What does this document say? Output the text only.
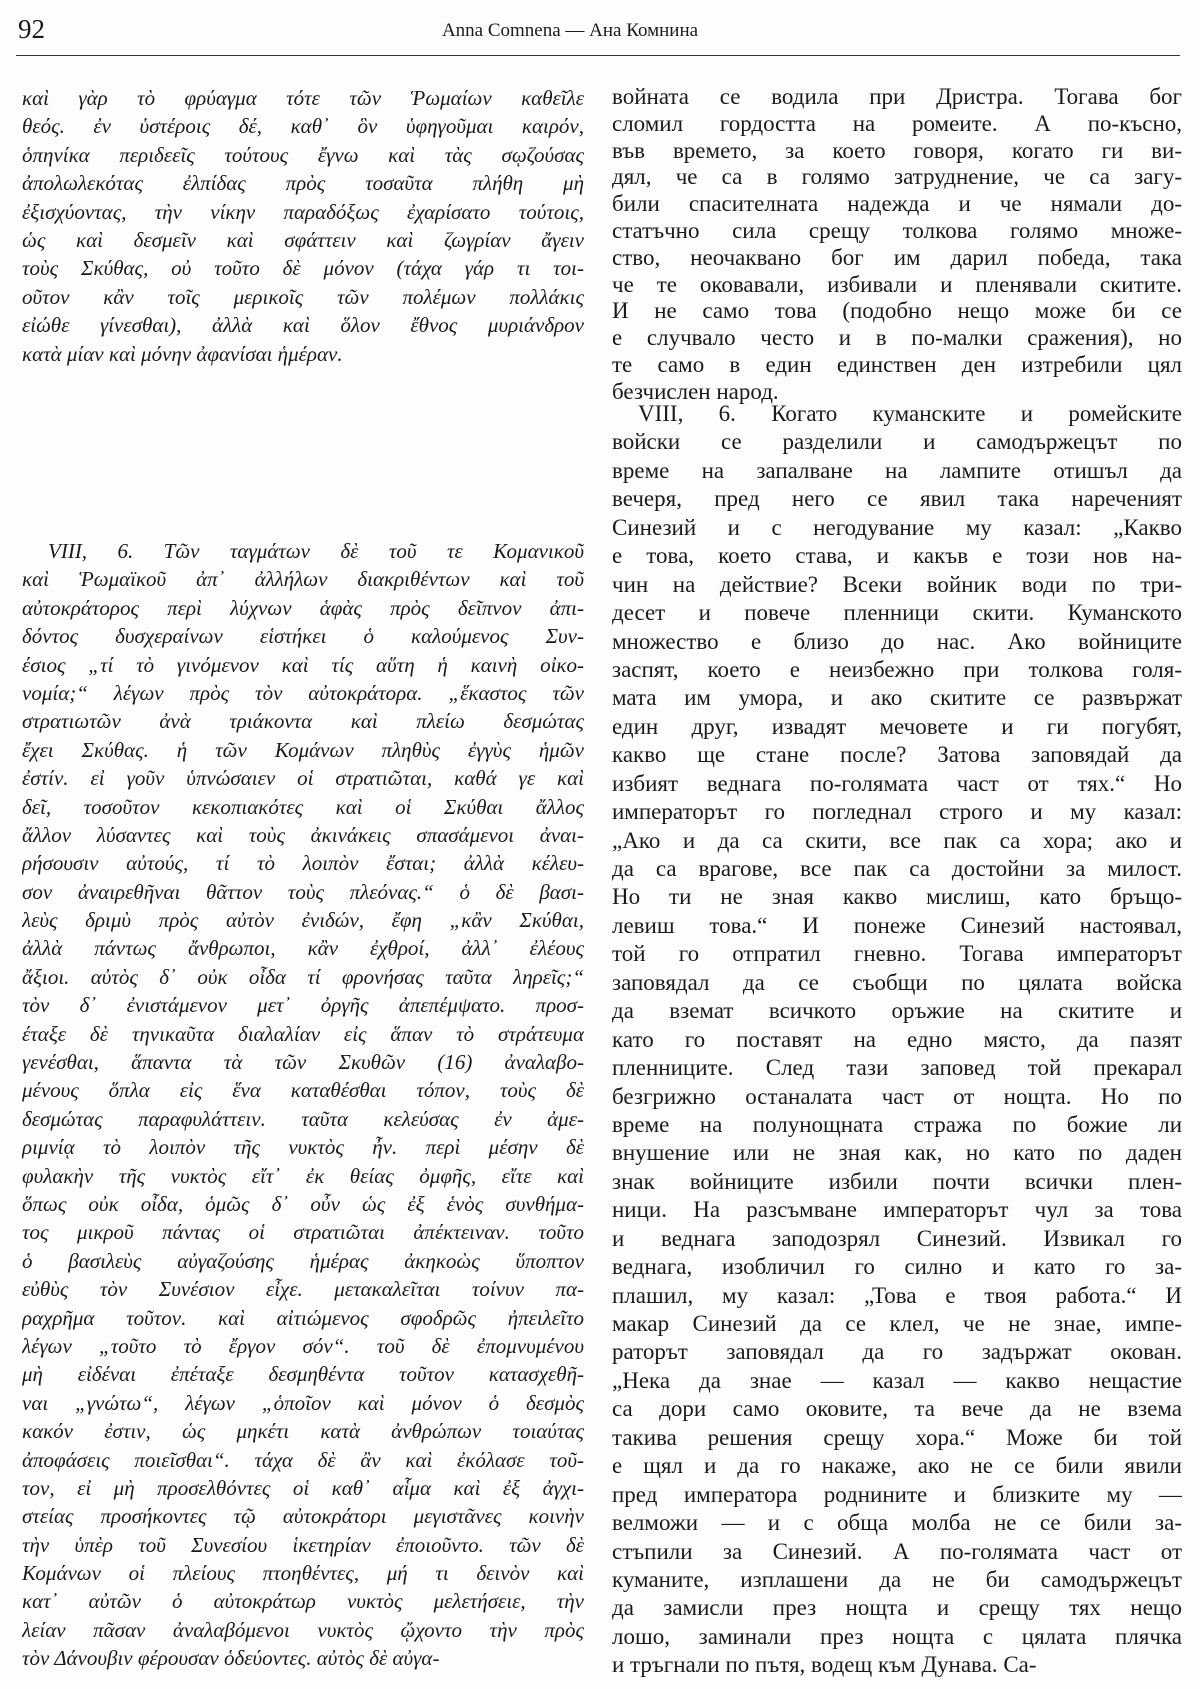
92	Anna Comnena — Ана Комнина
καὶ γὰρ τὸ φρύαγμα τότε τῶν Ῥωμαίων καθεῖλε
θεός. ἐν ὑστέροις δέ, καθ᾿ ὃν ὑφηγοῦμαι καιρόν,
ὁπηνίκα περιδεεῖς τούτους ἔγνω καὶ τὰς σῳζούσας
ἀπολωλεκότας ἐλπίδας πρὸς τοσαῦτα πλήθη μὴ
ἐξισχύοντας, τὴν νίκην παραδόξως ἐχαρίσατο τούτοις,
ὡς καὶ δεσμεῖν καὶ σφάττειν καὶ ζωγρίαν ἄγειν
τοὺς Σκύθας, οὐ τοῦτο δὲ μόνον (τάχα γάρ τι τοι-
οῦτον κἂν τοῖς μερικοῖς τῶν πολέμων πολλάκις
εἰώθε γίνεσθαι), ἀλλὰ καὶ ὅλον ἔθνος μυριάνδρον
κατὰ μίαν καὶ μόνην ἀφανίσαι ἡμέραν.
VIII, 6. Τῶν ταγμάτων δὲ τοῦ τε Κομανικοῦ
καὶ Ῥωμαϊκοῦ ἀπ᾿ ἀλλήλων διακριθέντων καὶ τοῦ
αὐτοκράτορος περὶ λύχνων ἁφὰς πρὸς δεῖπνον ἀπι-
δόντος δυσχεραίνων εἱστήκει ὁ καλούμενος Συν-
έσιος „τί τὸ γινόμενον καὶ τίς αὕτη ἡ καινὴ οἰκο-
νομία;“ λέγων πρὸς τὸν αὐτοκράτορα. „ἕκαστος τῶν
στρατιωτῶν ἀνὰ τριάκοντα καὶ πλείω δεσμώτας
ἔχει Σκύθας. ἡ τῶν Κομάνων πληθὺς ἐγγὺς ἡμῶν
ἐστίν. εἰ γοῦν ὑπνώσαιεν οἱ στρατιῶται, καθά γε καὶ
δεῖ, τοσοῦτον κεκοπιακότες καὶ οἱ Σκύθαι ἄλλος
ἄλλον λύσαντες καὶ τοὺς ἀκινάκεις σπασάμενοι ἀναι-
ρήσουσιν αὐτούς, τί τὸ λοιπὸν ἔσται; ἀλλὰ κέλευ-
σον ἀναιρεθῆναι θᾶττον τοὺς πλεόνας.“ ὁ δὲ βασι-
λεὺς δριμὺ πρὸς αὐτὸν ἐνιδών, ἔφη „κἂν Σκύθαι,
ἀλλὰ πάντως ἄνθρωποι, κἂν ἐχθροί, ἀλλ᾿ ἐλέους
ἄξιοι. αὐτὸς δ᾿ οὐκ οἶδα τί φρονήσας ταῦτα ληρεῖς;“
τὸν δ᾿ ἐνιστάμενον μετ᾿ ὀργῆς ἀπεπέμψατο. προσ-
έταξε δὲ τηνικαῦτα διαλαλίαν εἰς ἅπαν τὸ στράτευμα
γενέσθαι, ἅπαντα τὰ τῶν Σκυθῶν (16) ἀναλαβο-
μένους ὅπλα εἰς ἕνα καταθέσθαι τόπον, τοὺς δὲ
δεσμώτας παραφυλάττειν. ταῦτα κελεύσας ἐν ἀμε-
ριμνίᾳ τὸ λοιπὸν τῆς νυκτὸς ἦν. περὶ μέσην δὲ
φυλακὴν τῆς νυκτὸς εἴτ᾿ ἐκ θείας ὀμφῆς, εἴτε καὶ
ὅπως οὐκ οἶδα, ὁμῶς δ᾿ οὖν ὡς ἐξ ἑνὸς συνθήμα-
τος μικροῦ πάντας οἱ στρατιῶται ἀπέκτειναν. τοῦτο
ὁ βασιλεὺς αὐγαζούσης ἡμέρας ἀκηκοὼς ὕποπτον
εὐθὺς τὸν Συνέσιον εἶχε. μετακαλεῖται τοίνυν πα-
ραχρῆμα τοῦτον. καὶ αἰτιώμενος σφοδρῶς ἠπειλεῖτο
λέγων „τοῦτο τὸ ἔργον σόν“. τοῦ δὲ ἐπομνυμένου
μὴ εἰδέναι ἐπέταξε δεσμηθέντα τοῦτον κατασχεθῆ-
ναι „γνώτω“, λέγων „ὁποῖον καὶ μόνον ὁ δεσμὸς
κακόν ἐστιν, ὡς μηκέτι κατὰ ἀνθρώπων τοιαύτας
ἀποφάσεις ποιεῖσθαι“. τάχα δὲ ἂν καὶ ἐκόλασε τοῦ-
τον, εἰ μὴ προσελθόντες οἱ καθ᾿ αἷμα καὶ ἐξ ἀγχι-
στείας προσήκοντες τῷ αὐτοκράτορι μεγιστᾶνες κοινὴν
τὴν ὑπὲρ τοῦ Συνεσίου ἱκετηρίαν ἐποιοῦντο. τῶν δὲ
Κομάνων οἱ πλείους πτοηθέντες, μή τι δεινὸν καὶ
κατ᾿ αὐτῶν ὁ αὐτοκράτωρ νυκτὸς μελετήσειε, τὴν
λείαν πᾶσαν ἀναλαβόμενοι νυκτὸς ᾤχοντο τὴν πρὸς
τὸν Δάνουβιν φέρουσαν ὁδεύοντες. αὐτὸς δὲ αὐγα-
войната се водила при Дристра. Тогава бог
сломил гордостта на ромеите. А по-късно,
във времето, за което говоря, когато ги ви-
дял, че са в голямо затруднение, че са загу-
били спасителната надежда и че нямали до-
статъчно сила срещу толкова голямо множе-
ство, неочаквано бог им дарил победа, така
че те оковавали, избивали и пленявали скитите.
И не само това (подобно нещо може би се
е случвало често и в по-малки сражения), но
те само в един единствен ден изтребили цял
безчислен народ.
VIII, 6. Когато куманските и ромейските
войски се разделили и самодържецът по
време на запалване на лампите отишъл да
вечеря, пред него се явил така нареченият
Синезий и с негодувание му казал: „Какво
е това, което става, и какъв е този нов на-
чин на действие? Всеки войник води по три-
десет и повече пленници скити. Куманското
множество е близо до нас. Ако войниците
заспят, което е неизбежно при толкова голя-
мата им умора, и ако скитите се развържат
един друг, извадят мечовете и ги погубят,
какво ще стане после? Затова заповядай да
избият веднага по-голямата част от тях.“ Но
императорът го погледнал строго и му казал:
„Ако и да са скити, все пак са хора; ако и
да са врагове, все пак са достойни за милост.
Но ти не зная какво мислиш, като бръщо-
левиш това.“ И понеже Синезий настоявал,
той го отпратил гневно. Тогава императорът
заповядал да се съобщи по цялата войска
да вземат всичкото оръжие на скитите и
като го поставят на едно място, да пазят
пленниците. След тази заповед той прекарал
безгрижно останалата част от нощта. Но по
време на полунощната стража по божие ли
внушение или не зная как, но като по даден
знак войниците избили почти всички плен-
ници. На разсъмване императорът чул за това
и веднага заподозрял Синезий. Извикал го
веднага, изобличил го силно и като го за-
плашил, му казал: „Това е твоя работа.“ И
макар Синезий да се клел, че не знае, импе-
раторът заповядал да го задържат окован.
„Нека да знае — казал — какво нещастие
са дори само оковите, та вече да не взема
такива решения срещу хора.“ Може би той
е щял и да го накаже, ако не се били явили
пред императора роднините и близките му —
велможи — и с обща молба не се били за-
стъпили за Синезий. А по-голямата част от
куманите, изплашени да не би самодържецът
да замисли през нощта и срещу тях нещо
лошо, заминали през нощта с цялата плячка
и тръгнали по пътя, водещ към Дунава. Са-
